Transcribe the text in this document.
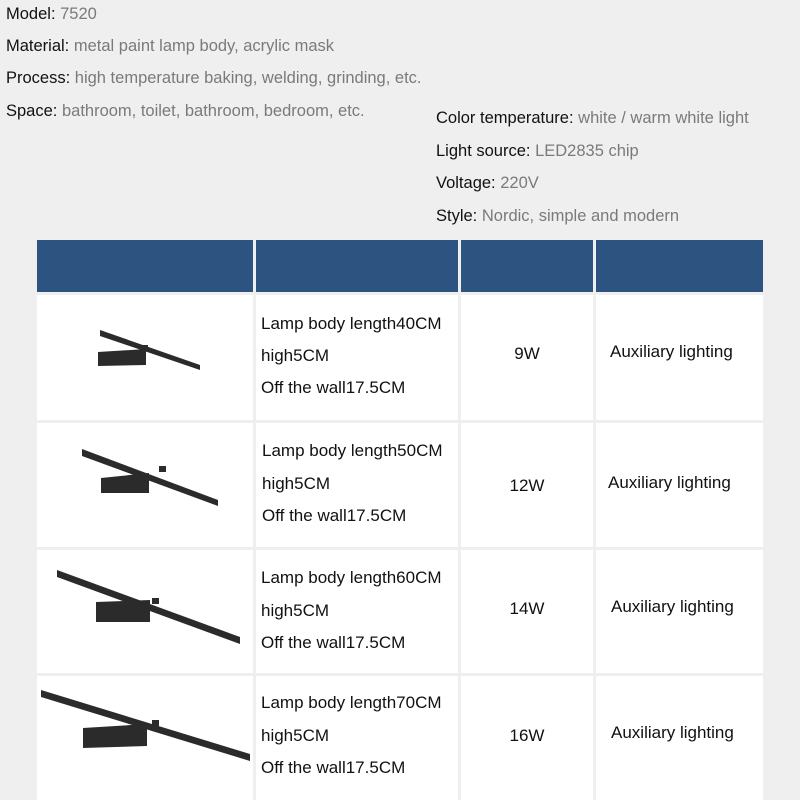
Model: 7520
Material: metal paint lamp body, acrylic mask
Process: high temperature baking, welding, grinding, etc.
Space: bathroom, toilet, bathroom, bedroom, etc.	Color temperature: white / warm white light
Light source: LED2835 chip
Voltage: 220V
Style: Nordic, simple and modern
Lamp body length40CM
high5CM
Off the wall17.5CM
9W	Auxiliary lighting
Lamp body length50CM
high5CM
Off the wall17.5CM
12W	Auxiliary lighting
Lamp body length60CM
high5CM
Off the wall17.5CM
14W	Auxiliary lighting
Lamp body length70CM
high5CM
Off the wall17.5CM
16W	Auxiliary lighting
